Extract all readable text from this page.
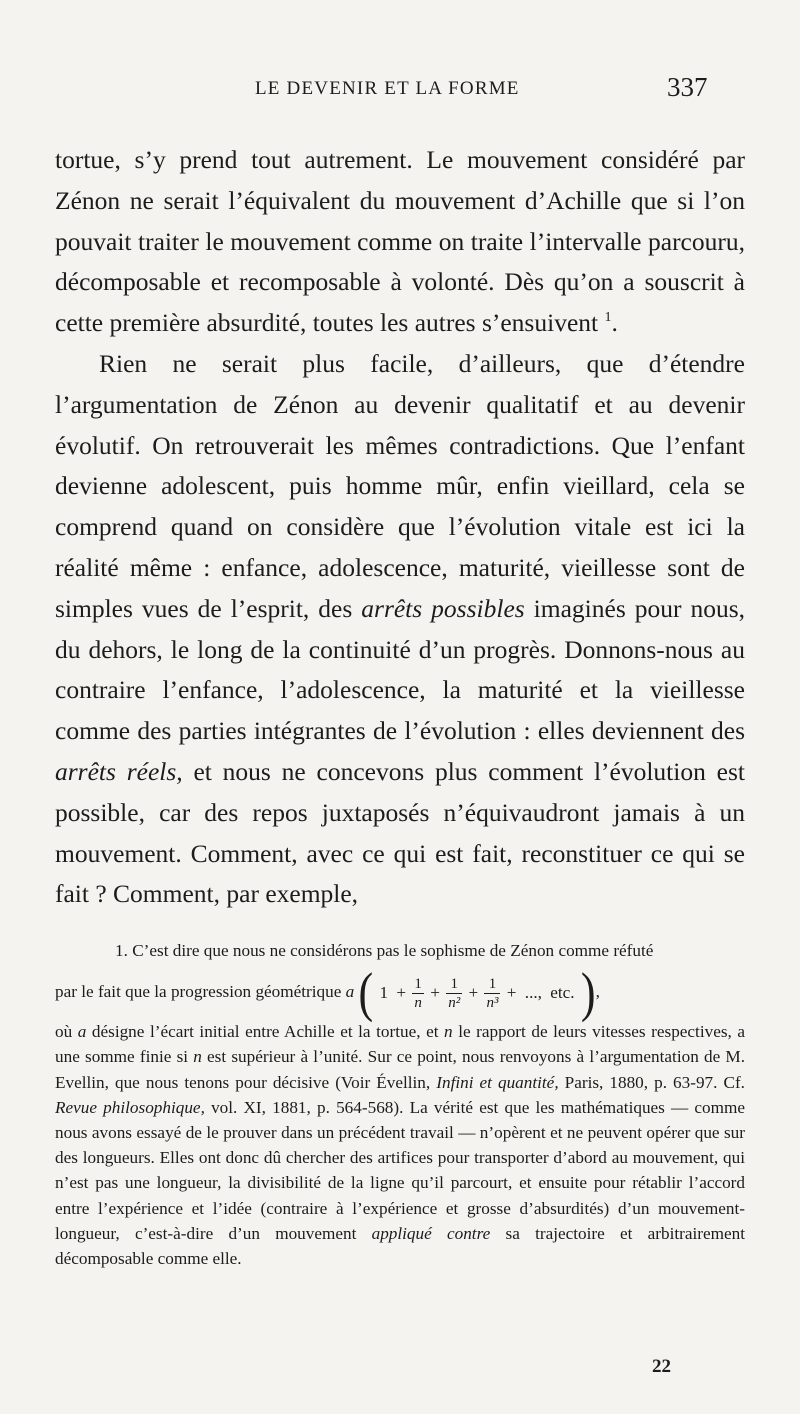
LE DEVENIR ET LA FORME	337

tortue, s’y prend tout autrement. Le mouvement considéré par Zénon ne serait l’équivalent du mouvement d’Achille que si l’on pouvait traiter le mouvement comme on traite l’intervalle parcouru, décomposable et recomposable à volonté. Dès qu’on a souscrit à cette première absurdité, toutes les autres s’ensuivent $^1$.

Rien ne serait plus facile, d’ailleurs, que d’étendre l’argumentation de Zénon au devenir qualitatif et au devenir évolutif. On retrouverait les mêmes contradictions. Que l’enfant devienne adolescent, puis homme mûr, enfin vieillard, cela se comprend quand on considère que l’évolution vitale est ici la réalité même : enfance, adolescence, maturité, vieillesse sont de simples vues de l’esprit, des arrêts possibles imaginés pour nous, du dehors, le long de la continuité d’un progrès. Donnons-nous au contraire l’enfance, l’adolescence, la maturité et la vieillesse comme des parties intégrantes de l’évolution : elles deviennent des arrêts réels, et nous ne concevons plus comment l’évolution est possible, car des repos juxtaposés n’équivaudront jamais à un mouvement. Comment, avec ce qui est fait, reconstituer ce qui se fait ? Comment, par exemple,

1. C’est dire que nous ne considérons pas le sophisme de Zénon comme réfuté

par le fait que la progression géométrique a ( $1 + \frac{1}{n} + \frac{1}{\text{n²}} + \frac{1}{\text{n³}}$ + ..., etc. ),

où a désigne l’écart initial entre Achille et la tortue, et n le rapport de leurs vitesses respectives, a une somme finie si n est supérieur à l’unité. Sur ce point, nous renvoyons à l’argumentation de M. Evellin, que nous tenons pour décisive (Voir Évellin, Infini et quantité, Paris, 1880, p. 63-97. Cf. Revue philosophique, vol. XI, 1881, p. 564-568). La vérité est que les mathématiques — comme nous avons essayé de le prouver dans un précédent travail — n’opèrent et ne peuvent opérer que sur des longueurs. Elles ont donc dû chercher des artifices pour transporter d’abord au mouvement, qui n’est pas une longueur, la divisibilité de la ligne qu’il parcourt, et ensuite pour rétablir l’accord entre l’expérience et l’idée (contraire à l’expérience et grosse d’absurdités) d’un mouvement-longueur, c’est-à-dire d’un mouvement appliqué contre sa trajectoire et arbitrairement décomposable comme elle.

22
